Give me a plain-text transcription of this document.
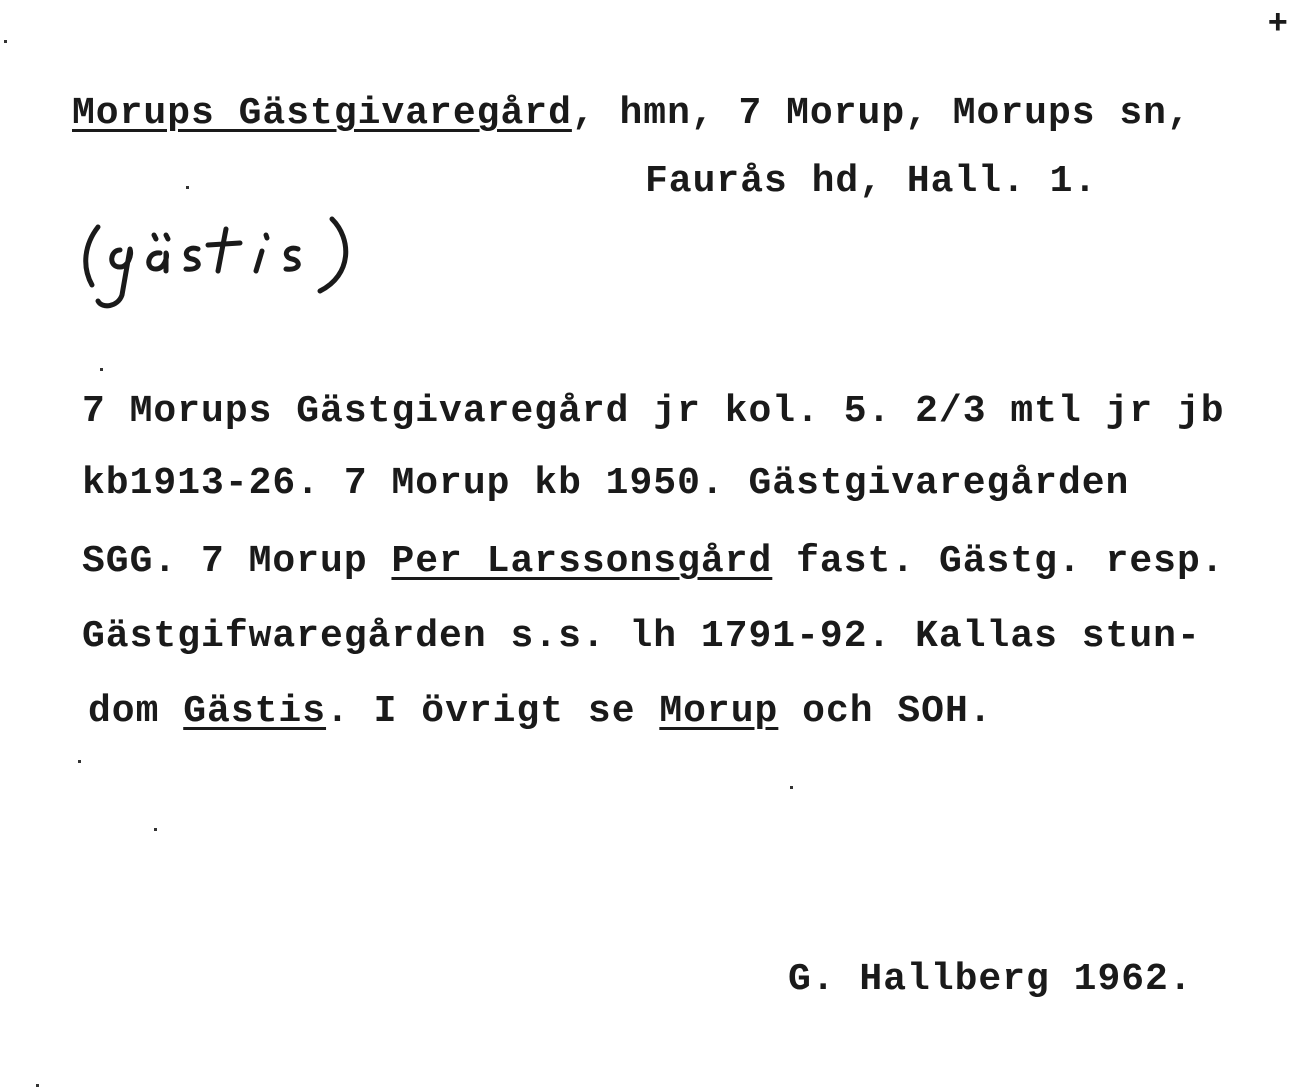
+
Morups Gästgivaregård, hmn, 7 Morup, Morups sn,
Faurås hd, Hall. 1.
7 Morups Gästgivaregård jr kol. 5. 2/3 mtl jr jb
kb1913-26. 7 Morup kb 1950. Gästgivaregården
SGG. 7 Morup Per Larssonsgård fast. Gästg. resp.
Gästgifwaregården s.s. lh 1791-92. Kallas stun-
dom Gästis. I övrigt se Morup och SOH.
G. Hallberg 1962.
